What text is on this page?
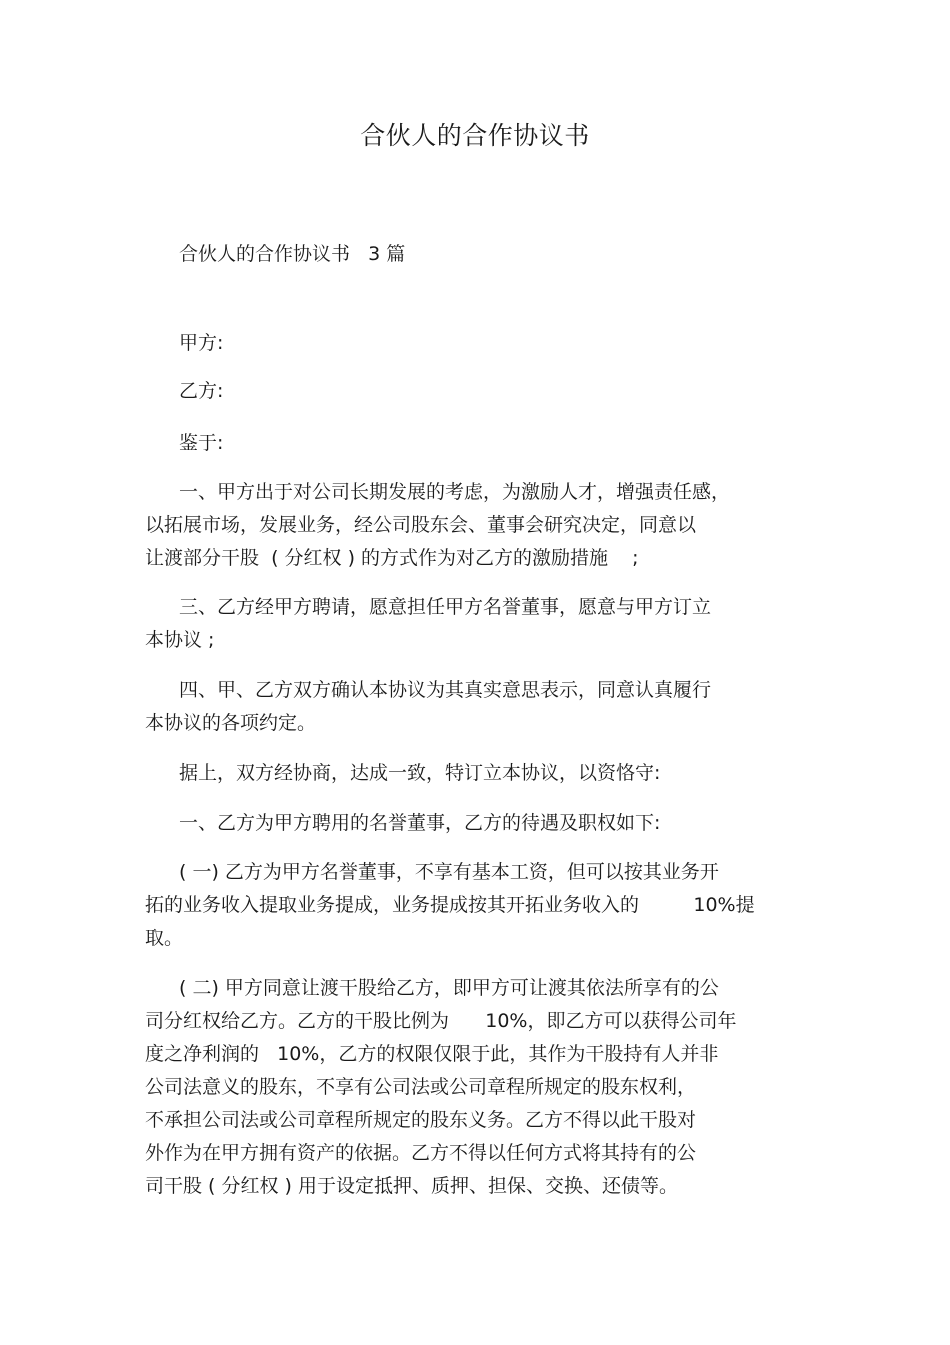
合伙人的合作协议书
合伙人的合作协议书   3 篇
甲方:
乙方:
鉴于:
一、甲方出于对公司长期发展的考虑，为激励人才，增强责任感，
以拓展市场，发展业务，经公司股东会、董事会研究决定，同意以
让渡部分干股  ( 分红权 ) 的方式作为对乙方的激励措施    ;
三、乙方经甲方聘请，愿意担任甲方名誉董事，愿意与甲方订立
本协议 ;
四、甲、乙方双方确认本协议为其真实意思表示，同意认真履行
本协议的各项约定。
据上，双方经协商，达成一致，特订立本协议，以资恪守:
一、乙方为甲方聘用的名誉董事，乙方的待遇及职权如下:
( 一) 乙方为甲方名誉董事，不享有基本工资，但可以按其业务开
拓的业务收入提取业务提成，业务提成按其开拓业务收入的         10%提
取。
( 二) 甲方同意让渡干股给乙方，即甲方可让渡其依法所享有的公
司分红权给乙方。乙方的干股比例为      10%，即乙方可以获得公司年
度之净利润的   10%，乙方的权限仅限于此，其作为干股持有人并非
公司法意义的股东，不享有公司法或公司章程所规定的股东权利，
不承担公司法或公司章程所规定的股东义务。乙方不得以此干股对
外作为在甲方拥有资产的依据。乙方不得以任何方式将其持有的公
司干股 ( 分红权 ) 用于设定抵押、质押、担保、交换、还债等。
